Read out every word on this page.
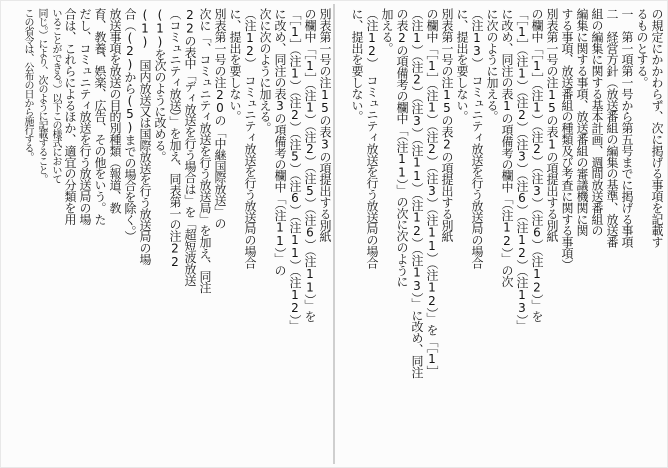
の規定にかかわらず、次に掲げる事項を記載す
るものとする。
一　第一項第一号から第五号までに掲げる事項
二　経営方針（放送番組の編集の基準、放送番
組の編集に関する基本計画、週間放送番組の
編集に関する事項、放送番組の審議機関に関
する事項、放送番組の種類及び考査に関する事項）
別表第一号の注15の表1の項提出する別紙
の欄中「［1］（注1）（注2）（注3）（注6）（注12）」を
「［1］（注1）（注2）（注3）（注6）（注12）（注13）」
に改め、同注の表1の項備考の欄中「（注12）」の次
に次のように加える。
（注13）　コミュニティ放送を行う放送局の場合
に、提出を要しない。
別表第一号の注15の表2の項提出する別紙
の欄中「［1］（注1）（注2）（注3）（注11）（注12）」を「［1］
（注1）（注2）（注3）（注11）（注12）（注13）」に改め、同注
の表2の項備考の欄中「（注11）」の次に次のように
加える。
（注12）　コミュニティ放送を行う放送局の場合
に、提出を要しない。
別表第一号の注15の表3の項提出する別紙
の欄中「［1］（注1）（注2）（注5）（注6）（注11）」を
「［1］（注1）（注2）（注5）（注6）（注11）（注12）」
に改め、同注の表3の項備考の欄中「（注11）」の
次に次のように加える。
（注12）　コミュニティ放送を行う放送局の場合
に、提出を要しない。
別表第一号の注20の「中継国際放送」の
次に「、コミュニティ放送を行う放送局」を加え、同注
22の表中「ディ放送を行う場合は」を「超短波放送
（コミュニティ放送）」を加え、同表第一の注22
(1)を次のように改める。
(1)　国内放送又は国際放送を行う放送局の場
合（(2)から(5)までの場合を除く。）
放送事項を放送の目的別種類（報道、教
育、教養、娯楽、広告、その他をいう。た
だし、コミュニティ放送を行う放送局の場
合は、これらによるほか、適宜の分類を用
いることができる。）以下この様式において
同じ。）により、次のように記載すること。
この省令は、公布の日から施行する。
